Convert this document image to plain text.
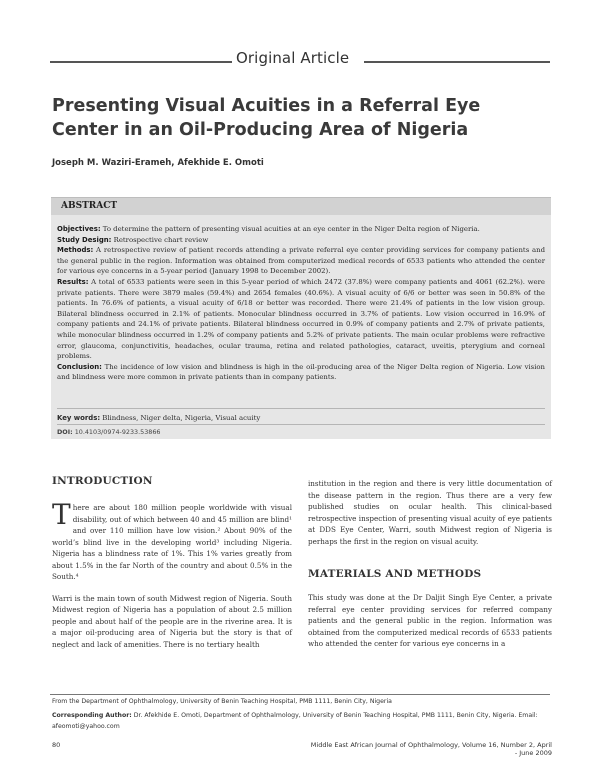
Original Article
Presenting Visual Acuities in a Referral Eye Center in an Oil-Producing Area of Nigeria
Joseph M. Waziri-Erameh, Afekhide E. Omoti
ABSTRACT

Objectives: To determine the pattern of presenting visual acuities at an eye center in the Niger Delta region of Nigeria.

Study Design: Retrospective chart review

Methods: A retrospective review of patient records attending a private referral eye center providing services for company patients and the general public in the region. Information was obtained from computerized medical records of 6533 patients who attended the center for various eye concerns in a 5-year period (January 1998 to December 2002).

Results: A total of 6533 patients were seen in this 5-year period of which 2472 (37.8%) were company patients and 4061 (62.2%). were private patients. There were 3879 males (59.4%) and 2654 females (40.6%). A visual acuity of 6/6 or better was seen in 50.8% of the patients. In 76.6% of patients, a visual acuity of 6/18 or better was recorded. There were 21.4% of patients in the low vision group. Bilateral blindness occurred in 2.1% of patients. Monocular blindness occurred in 3.7% of patients. Low vision occurred in 16.9% of company patients and 24.1% of private patients. Bilateral blindness occurred in 0.9% of company patients and 2.7% of private patients, while monocular blindness occurred in 1.2% of company patients and 5.2% of private patients. The main ocular problems were refractive error, glaucoma, conjunctivitis, headaches, ocular trauma, retina and related pathologies, cataract, uveitis, pterygium and corneal problems.

Conclusion: The incidence of low vision and blindness is high in the oil-producing area of the Niger Delta region of Nigeria. Low vision and blindness were more common in private patients than in company patients.

Key words: Blindness, Niger delta, Nigeria, Visual acuity
DOI: 10.4103/0974-9233.53866
INTRODUCTION

There are about 180 million people worldwide with visual disability, out of which between 40 and 45 million are blind¹ and over 110 million have low vision.² About 90% of the world’s blind live in the developing world³ including Nigeria. Nigeria has a blindness rate of 1%. This 1% varies greatly from about 1.5% in the far North of the country and about 0.5% in the South.⁴

Warri is the main town of south Midwest region of Nigeria. South Midwest region of Nigeria has a population of about 2.5 million people and about half of the people are in the riverine area. It is a major oil-producing area of Nigeria but the story is that of neglect and lack of amenities. There is no tertiary health

institution in the region and there is very little documentation of the disease pattern in the region. Thus there are a very few published studies on ocular health. This clinical-based retrospective inspection of presenting visual acuity of eye patients at DDS Eye Center, Warri, south Midwest region of Nigeria is perhaps the first in the region on visual acuity.

MATERIALS AND METHODS

This study was done at the Dr Daljit Singh Eye Center, a private referral eye center providing services for referred company patients and the general public in the region. Information was obtained from the computerized medical records of 6533 patients who attended the center for various eye concerns in a

From the Department of Ophthalmology, University of Benin Teaching Hospital, PMB 1111, Benin City, Nigeria
Corresponding Author: Dr. Afekhide E. Omoti, Department of Ophthalmology, University of Benin Teaching Hospital, PMB 1111, Benin City, Nigeria. Email: afeomoti@yahoo.com
80	Middle East African Journal of Ophthalmology, Volume 16, Number 2, April - June 2009
